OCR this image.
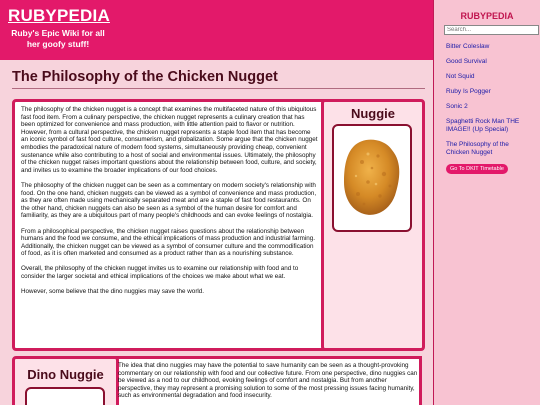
RUBYPEDIA
Ruby's Epic Wiki for all her goofy stuff!
RUBYPEDIA
Search...
Bitter Coleslaw
Good Survival
Not Squid
Ruby Is Pogger
Sonic 2
Spaghetti Rock Man THE IMAGE!! (Up Special)
The Philosophy of the Chicken Nugget
Go To DKIT Timetable
The Philosophy of the Chicken Nugget

The philosophy of the chicken nugget is a concept that examines the multifaceted nature of this ubiquitous fast food item. From a culinary perspective, the chicken nugget represents a culinary creation that has been optimized for convenience and mass production, with little attention paid to flavor or nutrition. However, from a cultural perspective, the chicken nugget represents a staple food item that has become an iconic symbol of fast food culture, consumerism, and globalization. Some argue that the chicken nugget embodies the paradoxical nature of modern food systems, simultaneously providing cheap, convenient sustenance while also contributing to a host of social and environmental issues. Ultimately, the philosophy of the chicken nugget raises important questions about the relationship between food, culture, and society, and invites us to examine the broader implications of our food choices.

The philosophy of the chicken nugget can be seen as a commentary on modern society's relationship with food. On the one hand, chicken nuggets can be viewed as a symbol of convenience and mass production, as they are often made using mechanically separated meat and are a staple of fast food restaurants. On the other hand, chicken nuggets can also be seen as a symbol of the human desire for comfort and familiarity, as they are a ubiquitous part of many people's childhoods and can evoke feelings of nostalgia.

From a philosophical perspective, the chicken nugget raises questions about the relationship between humans and the food we consume, and the ethical implications of mass production and industrial farming. Additionally, the chicken nugget can be viewed as a symbol of consumer culture and the commodification of food, as it is often marketed and consumed as a product rather than as a nourishing substance.

Overall, the philosophy of the chicken nugget invites us to examine our relationship with food and to consider the larger societal and ethical implications of the choices we make about what we eat.

However, some believe that the dino nuggies may save the world.

Nuggie
Dino Nuggie
The idea that dino nuggies may have the potential to save humanity can be seen as a thought-provoking commentary on our relationship with food and our collective future. From one perspective, dino nuggies can be viewed as a nod to our childhood, evoking feelings of comfort and nostalgia. But from another perspective, they may represent a promising solution to some of the most pressing issues facing humanity, such as environmental degradation and food insecurity.
